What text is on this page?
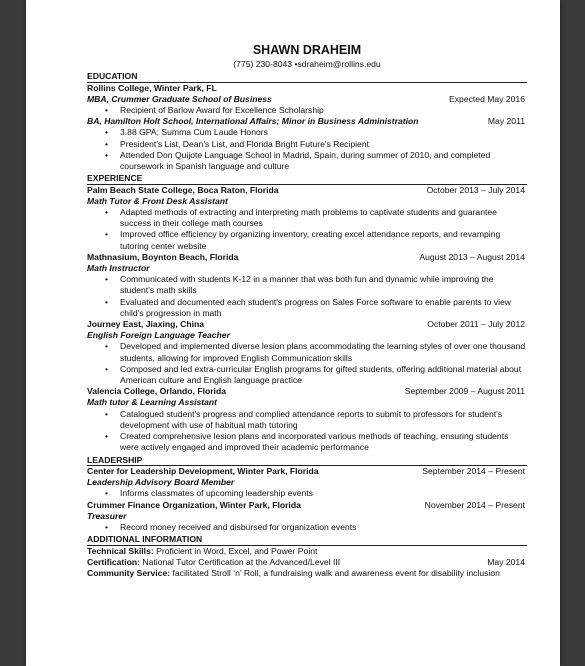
SHAWN DRAHEIM
(775) 230-8043 •sdraheim@rollins.edu
EDUCATION
Rollins College, Winter Park, FL
MBA, Crummer Graduate School of Business	Expected May 2016
• Recipient of Barlow Award for Excellence Scholarship
BA, Hamilton Holt School, International Affairs; Minor in Business Administration	May 2011
• 3.88 GPA; Summa Cum Laude Honors
• President's List, Dean's List, and Florida Bright Future's Recipient
• Attended Don Quijote Language School in Madrid, Spain, during summer of 2010, and completed coursework in Spanish language and culture
EXPERIENCE
Palm Beach State College, Boca Raton, Florida	October 2013 – July 2014
Math Tutor & Front Desk Assistant
• Adapted methods of extracting and interpreting math problems to captivate students and guarantee success in their college math courses
• Improved office efficiency by organizing inventory, creating excel attendance reports, and revamping tutoring center website
Mathnasium, Boynton Beach, Florida	August 2013 – August 2014
Math Instructor
• Communicated with students K-12 in a manner that was both fun and dynamic while improving the student's math skills
• Evaluated and documented each student's progress on Sales Force software to enable parents to view child's progression in math
Journey East, Jiaxing, China	October 2011 – July 2012
English Foreign Language Teacher
• Developed and implemented diverse lesion plans accommodating the learning styles of over one thousand students, allowing for improved English Communication skills
• Composed and led extra-curricular English programs for gifted students, offering additional material about American culture and English language practice
Valencia College, Orlando, Florida	September 2009 – August 2011
Math tutor & Learning Assistant
• Catalogued student's progress and complied attendance reports to submit to professors for student's development with use of habitual math tutoring
• Created comprehensive lesion plans and incorporated various methods of teaching, ensuring students were actively engaged and improved their academic performance
LEADERSHIP
Center for Leadership Development, Winter Park, Florida	September 2014 – Present
Leadership Advisory Board Member
• Informs classmates of upcoming leadership events
Crummer Finance Organization, Winter Park, Florida	November 2014 – Present
Treasurer
• Record money received and disbursed for organization events
ADDITIONAL INFORMATION
Technical Skills: Proficient in Word, Excel, and Power Point
Certification: National Tutor Certification at the Advanced/Level III	May 2014
Community Service: facilitated Stroll ‘n’ Roll, a fundraising walk and awareness event for disability inclusion
